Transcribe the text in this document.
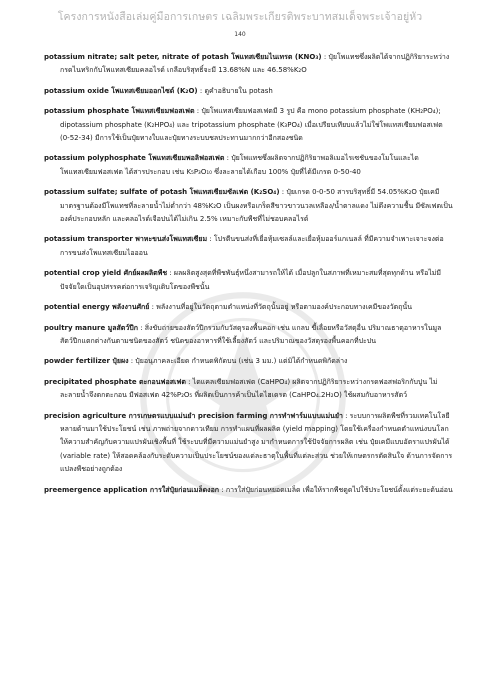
โครงการหนังสือเล่มคู่มือการเกษตร เฉลิมพระเกียรติพระบาทสมเด็จพระเจ้าอยู่หัว
140

potassium nitrate; salt peter, nitrate of potash โพแทสเซียมไนเทรต (KNO₃) : ปุ๋ยโพแทชซึ่งผลิตได้จากปฏิกิริยาระหว่างกรดไนทริกกับโพแทสเซียมคลอไรด์ เกลือบริสุทธิ์จะมี 13.68%N และ 46.58%K₂O

potassium oxide โพแทสเซียมออกไซด์ (K₂O) : ดูคำอธิบายใน potash

potassium phosphate โพแทสเซียมฟอสเฟต : ปุ๋ยโพแทสเซียมฟอสเฟตมี 3 รูป คือ mono potassium phosphate (KH₂PO₄); dipotassium phosphate (K₂HPO₄) และ tripotassium phosphate (K₃PO₄) เมื่อเปรียบเทียบแล้วไม่ใช่โพแทสเซียมฟอสเฟต (0-52-34) มีการใช้เป็นปุ๋ยทางใบและปุ๋ยทางระบบชลประทานมากกว่าอีกสองชนิด

potassium polyphosphate โพแทสเซียมพอลิฟอสเฟต : ปุ๋ยโพแทชซึ่งผลิตจากปฏิกิริยาพอลิเมอไรเซชันของโมโนและไดโพแทสเซียมฟอสเฟต ได้สารประกอบ เช่น K₅P₃O₁₀ ซึ่งละลายได้เกือบ 100% ปุ๋ยที่ได้มีเกรด 0-50-40

potassium sulfate; sulfate of potash โพแทสเซียมซัลเฟต (K₂SO₄) : ปุ๋ยเกรด 0-0-50 สารบริสุทธิ์มี 54.05%K₂O ปุ๋ยเคมีมาตรฐานต้องมีโพแทชที่ละลายน้ำไม่ต่ำกว่า 48%K₂O เป็นผงหรือเกร็ดสีขาวขาวนวลเหลือง/น้ำตาลแดง ไม่ดึงความชื้น มีซัลเฟตเป็นองค์ประกอบหลัก และคลอไรด์เจือปนได้ไม่เกิน 2.5% เหมาะกับพืชที่ไม่ชอบคลอไรด์

potassium transporter พาหะขนส่งโพแทสเซียม : โปรตีนขนส่งที่เยื่อหุ้มเซลล์และเยื่อหุ้มออร์แกเนลล์ ที่มีความจำเพาะเจาะจงต่อการขนส่งโพแทสเซียมไอออน

potential crop yield ศักย์ผลผลิตพืช : ผลผลิตสูงสุดที่พืชพันธุ์หนึ่งสามารถให้ได้ เมื่อปลูกในสภาพที่เหมาะสมที่สุดทุกด้าน หรือไม่มีปัจจัยใดเป็นอุปสรรคต่อการเจริญเติบโตของพืชนั้น

potential energy พลังงานศักย์ : พลังงานที่อยู่ในวัตถุตามตำแหน่งที่วัตถุนั้นอยู่ หรือตามองค์ประกอบทางเคมีของวัตถุนั้น

poultry manure มูลสัตว์ปีก : สิ่งขับถ่ายของสัตว์ปีกรวมกับวัสดุรองพื้นคอก เช่น แกลบ ขี้เลื่อยหรือวัสดุอื่น ปริมาณธาตุอาหารในมูลสัตว์ปีกแตกต่างกันตามชนิดของสัตว์ ชนิดของอาหารที่ใช้เลี้ยงสัตว์ และปริมาณของวัสดุรองพื้นคอกที่ปะปน

powder fertilizer ปุ๋ยผง : ปุ๋ยอนุภาคละเอียด กำหนดพิกัดบน (เช่น 3 มม.) แต่มิได้กำหนดพิกัดล่าง

precipitated phosphate ตะกอนฟอสเฟต : ไดแคลเซียมฟอสเฟต (CaHPO₄) ผลิตจากปฏิกิริยาระหว่างกรดฟอสฟอริกกับปูน ไม่ละลายน้ำจึงตกตะกอน มีฟอสเฟต 42%P₂O₅ ที่ผลิตเป็นการค้าเป็นไดไฮเดรต (CaHPO₄.2H₂O) ใช้ผสมกับอาหารสัตว์

precision agriculture การเกษตรแบบแม่นยำ precision farming การทำฟาร์มแบบแม่นยำ : ระบบการผลิตพืชที่รวมเทคโนโลยีหลายด้านมาใช้ประโยชน์ เช่น ภาพถ่ายจากดาวเทียม การทำแผนที่ผลผลิต (yield mapping) โดยใช้เครื่องกำหนดตำแหน่งบนโลก ให้ความสำคัญกับความแปรผันเชิงพื้นที่ ใช้ระบบที่มีความแม่นยำสูง มากำหนดการใช้ปัจจัยการผลิต เช่น ปุ๋ยเคมีแบบอัตราแปรผันได้ (variable rate) ให้สอดคล้องกับระดับความเป็นประโยชน์ของแต่ละธาตุในพื้นที่แต่ละส่วน ช่วยให้เกษตรกรตัดสินใจ ด้านการจัดการแปลงพืชอย่างถูกต้อง

preemergence application การใส่ปุ๋ยก่อนเมล็ดงอก : การใส่ปุ๋ยก่อนหยอดเมล็ด เพื่อให้รากพืชดูดไปใช้ประโยชน์ตั้งแต่ระยะต้นอ่อน
